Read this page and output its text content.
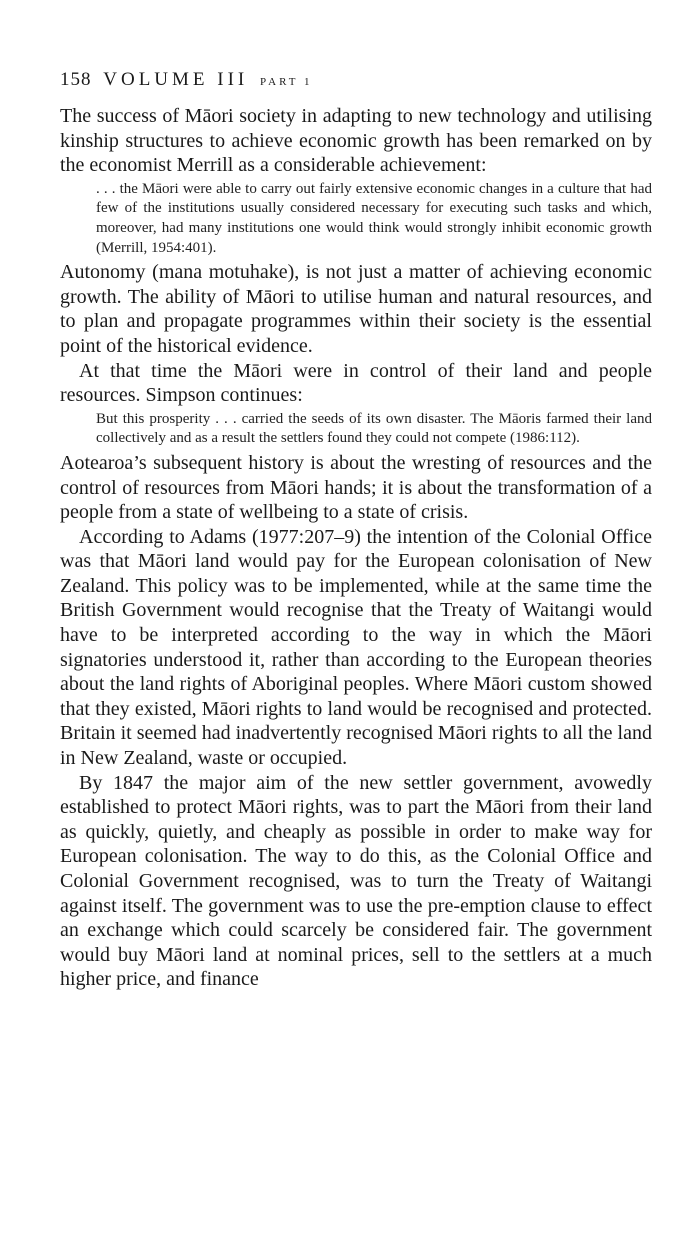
158 VOLUME III PART 1

The success of Māori society in adapting to new technology and utilising kinship structures to achieve economic growth has been remarked on by the economist Merrill as a considerable achievement:

. . . the Māori were able to carry out fairly extensive economic changes in a culture that had few of the institutions usually considered necessary for executing such tasks and which, moreover, had many institutions one would think would strongly inhibit economic growth (Merrill, 1954:401).

Autonomy (mana motuhake), is not just a matter of achieving economic growth. The ability of Māori to utilise human and natural resources, and to plan and propagate programmes within their society is the essential point of the historical evidence.

At that time the Māori were in control of their land and people resources. Simpson continues:

But this prosperity . . . carried the seeds of its own disaster. The Māoris farmed their land collectively and as a result the settlers found they could not compete (1986:112).

Aotearoa’s subsequent history is about the wresting of resources and the control of resources from Māori hands; it is about the transformation of a people from a state of wellbeing to a state of crisis.

According to Adams (1977:207–9) the intention of the Colonial Office was that Māori land would pay for the European colonisation of New Zealand. This policy was to be implemented, while at the same time the British Government would recognise that the Treaty of Waitangi would have to be interpreted according to the way in which the Māori signatories understood it, rather than according to the European theories about the land rights of Aboriginal peoples. Where Māori custom showed that they existed, Māori rights to land would be recognised and protected. Britain it seemed had inadvertently recognised Māori rights to all the land in New Zealand, waste or occupied.

By 1847 the major aim of the new settler government, avowedly established to protect Māori rights, was to part the Māori from their land as quickly, quietly, and cheaply as possible in order to make way for European colonisation. The way to do this, as the Colonial Office and Colonial Government recognised, was to turn the Treaty of Waitangi against itself. The government was to use the pre-emption clause to effect an exchange which could scarcely be considered fair. The government would buy Māori land at nominal prices, sell to the settlers at a much higher price, and finance
